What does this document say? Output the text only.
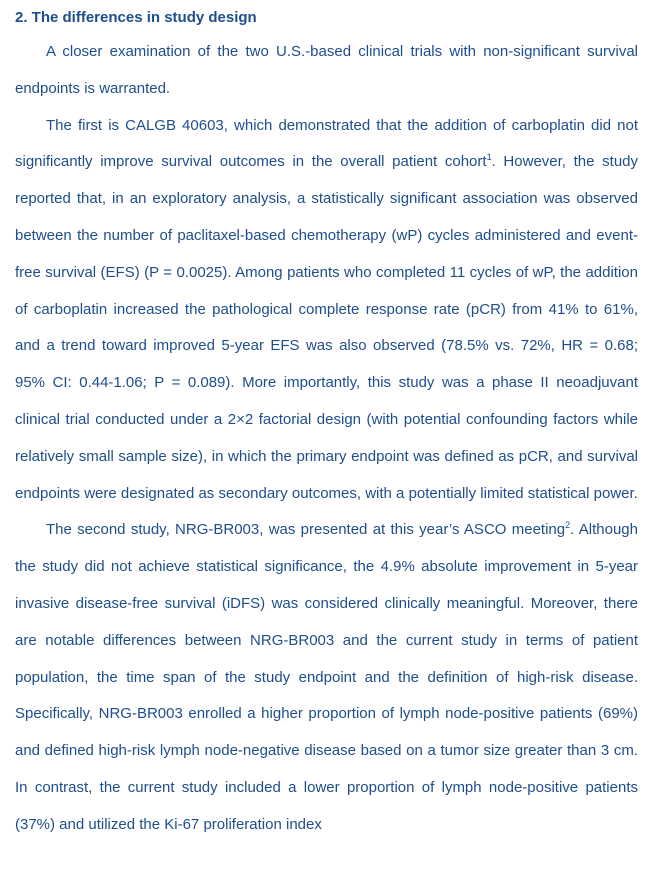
2. The differences in study design

A closer examination of the two U.S.-based clinical trials with non-significant survival endpoints is warranted.

The first is CALGB 40603, which demonstrated that the addition of carboplatin did not significantly improve survival outcomes in the overall patient cohort$^1$. However, the study reported that, in an exploratory analysis, a statistically significant association was observed between the number of paclitaxel-based chemotherapy (wP) cycles administered and event-free survival (EFS) (P = 0.0025). Among patients who completed 11 cycles of wP, the addition of carboplatin increased the pathological complete response rate (pCR) from 41% to 61%, and a trend toward improved 5-year EFS was also observed (78.5% vs. 72%, HR = 0.68; 95% CI: 0.44-1.06; P = 0.089). More importantly, this study was a phase II neoadjuvant clinical trial conducted under a 2×2 factorial design (with potential confounding factors while relatively small sample size), in which the primary endpoint was defined as pCR, and survival endpoints were designated as secondary outcomes, with a potentially limited statistical power.

The second study, NRG-BR003, was presented at this year’s ASCO meeting$^2$. Although the study did not achieve statistical significance, the 4.9% absolute improvement in 5-year invasive disease-free survival (iDFS) was considered clinically meaningful. Moreover, there are notable differences between NRG-BR003 and the current study in terms of patient population, the time span of the study endpoint and the definition of high-risk disease. Specifically, NRG-BR003 enrolled a higher proportion of lymph node-positive patients (69%) and defined high-risk lymph node-negative disease based on a tumor size greater than 3 cm. In contrast, the current study included a lower proportion of lymph node-positive patients (37%) and utilized the Ki-67 proliferation index
